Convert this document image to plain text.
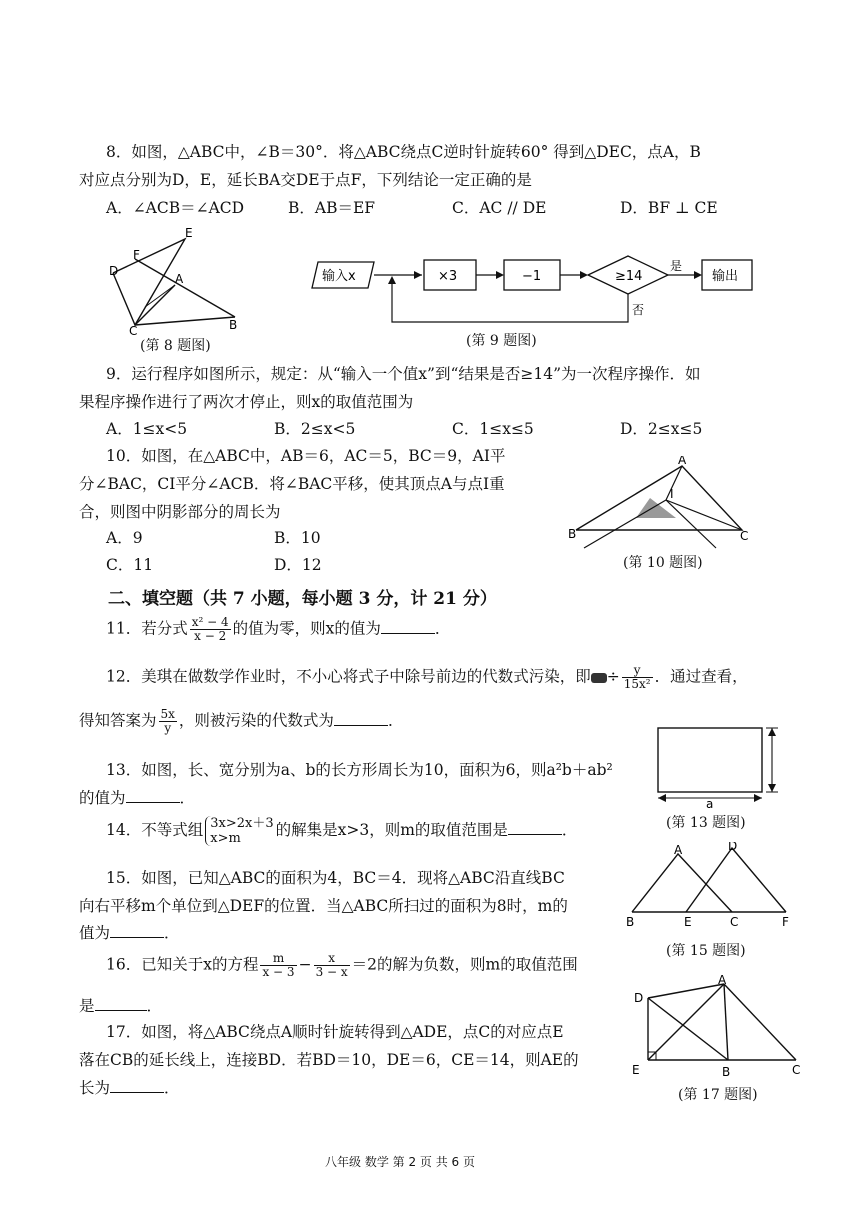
8．如图，△ABC中，∠B＝30°．将△ABC绕点C逆时针旋转60° 得到△DEC，点A，B
对应点分别为D，E，延长BA交DE于点F，下列结论一定正确的是
A．∠ACB＝∠ACD	B．AB＝EF	C．AC // DE	D．BF ⊥ CE
E
F
D
A
C	B
(第 8 题图)
输入x	×3	−1	≥14
是
输出
否
(第 9 题图)
9．运行程序如图所示，规定：从“输入一个值x”到“结果是否≥14”为一次程序操作．如
果程序操作进行了两次才停止，则x的取值范围为
A．1≤x<5	B．2≤x<5	C．1≤x≤5	D．2≤x≤5
10．如图，在△ABC中，AB＝6，AC＝5，BC＝9，AI平
分∠BAC，CI平分∠ACB．将∠BAC平移，使其顶点A与点I重
合，则图中阴影部分的周长为
A．9	B．10
C．11	D．12
A
I
B	C
(第 10 题图)
二、填空题（共 7 小题，每小题 3 分，计 21 分）
11．若分式 $\frac{\text{x² − 4}}{x - 2}$ 的值为零，则x的值为	．
12．美琪在做数学作业时，不小心将式子中除号前边的代数式污染，即 ÷ $\frac{y}{\text{15x²}}$ ．通过查看，
得知答案为 $\frac{5x}{y}$ ，则被污染的代数式为	．
a
(第 13 题图)
13．如图，长、宽分别为a、b的长方形周长为10，面积为6，则a²b＋ab²
的值为	．
14．不等式组 3x>2x＋3
x>m	的解集是x>3，则m的取值范围是	．
15．如图，已知△ABC的面积为4，BC＝4．现将△ABC沿直线BC
向右平移m个单位到△DEF的位置．当△ABC所扫过的面积为8时，m的
值为	．
A	D
B	E	C	F
(第 15 题图)
16．已知关于x的方程 $\frac{m}{x - 3} - \frac{x}{3 - x} =2$的解为负数，则m的取值范围
是	．
17．如图，将△ABC绕点A顺时针旋转得到△ADE，点C的对应点E
落在CB的延长线上，连接BD．若BD＝10，DE＝6，CE＝14，则AE的
长为	．
D
A
E	B	C
(第 17 题图)
八年级 数学 第 2 页 共 6 页
